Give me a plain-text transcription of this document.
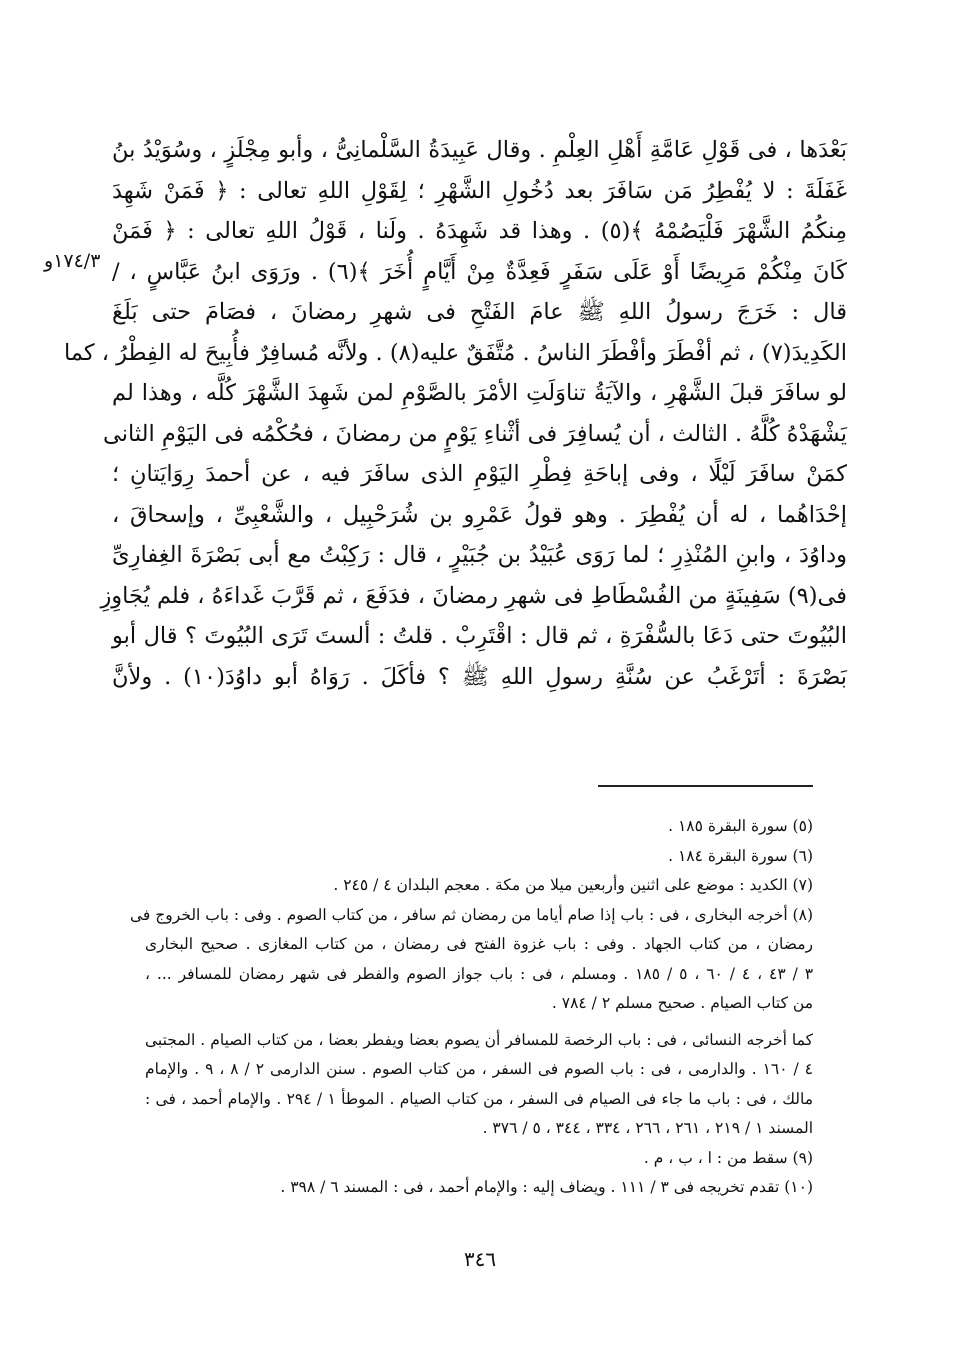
١٧٤/٣و
بَعْدَها ، فى قَوْلِ عَامَّةِ أَهْلِ العِلْمِ . وقال عَبِيدَةُ السَّلْمانِىُّ ، وأبو مِجْلَزٍ ، وسُوَيْدُ بنُ
غَفَلَةَ : لا يُفْطِرُ مَن سَافَرَ بعد دُخُولِ الشَّهْرِ ؛ لِقَوْلِ اللهِ تعالى : ﴿ فَمَنْ شَهِدَ
مِنكُمُ الشَّهْرَ فَلْيَصُمْهُ ﴾(٥) . وهذا قد شَهِدَهُ . ولَنا ، قَوْلُ اللهِ تعالى : ﴿ فَمَنْ
كَانَ مِنْكُمْ مَرِيضًا أَوْ عَلَى سَفَرٍ فَعِدَّةٌ مِنْ أَيَّامٍ أُخَرَ ﴾(٦) . ورَوَى ابنُ عَبَّاسٍ ، /
قال : خَرَجَ رسولُ اللهِ ﷺ عامَ الفَتْحِ فى شهرِ رمضانَ ، فصَامَ حتى بَلَغَ
الكَدِيدَ(٧) ، ثم أفْطَرَ وأفْطَرَ الناسُ . مُتَّفَقٌ عليه(٨) . ولأنَّه مُسافِرٌ فأُبِيحَ له الفِطْرُ ، كما
لو سافَرَ قبلَ الشَّهْرِ ، والآيَةُ تناوَلَتِ الأمْرَ بالصَّوْمِ لمن شَهِدَ الشَّهْرَ كُلَّه ، وهذا لم
يَشْهَدْهُ كُلَّهُ . الثالث ، أن يُسافِرَ فى أثْناءِ يَوْمٍ من رمضانَ ، فحُكْمُه فى اليَوْمِ الثانى
كمَنْ سافَرَ لَيْلًا ، وفى إباحَةِ فِطْرِ اليَوْمِ الذى سافَرَ فيه ، عن أحمدَ رِوَايَتانِ ؛
إحْدَاهُما ، له أن يُفْطِرَ . وهو قولُ عَمْرِو بن شُرَحْبِيل ، والشَّعْبِىِّ ، وإسحاقَ ،
وداوُدَ ، وابنِ المُنْذِرِ ؛ لما رَوَى عُبَيْدُ بن جُبَيْرٍ ، قال : رَكِبْتُ مع أبى بَصْرَةَ الغِفارِىِّ
فى(٩) سَفِينَةٍ من الفُسْطَاطِ فى شهرِ رمضانَ ، فدَفَعَ ، ثم قَرَّبَ غَداءَهُ ، فلم يُجَاوِزِ
البُيُوتَ حتى دَعَا بالسُّفْرَةِ ، ثم قال : اقْتَرِبْ . قلتُ : ألستَ تَرَى البُيُوتَ ؟ قال أبو
بَصْرَةَ : أتَرْغَبُ عن سُنَّةِ رسولِ اللهِ ﷺ ؟ فأكَلَ . رَوَاهُ أبو داوُدَ(١٠) . ولأنَّ
(٥) سورة البقرة ١٨٥ .
(٦) سورة البقرة ١٨٤ .
(٧) الكديد : موضع على اثنين وأربعين ميلا من مكة . معجم البلدان ٤ / ٢٤٥ .
(٨) أخرجه البخارى ، فى : باب إذا صام أياما من رمضان ثم سافر ، من كتاب الصوم . وفى : باب الخروج فى
رمضان ، من كتاب الجهاد . وفى : باب غزوة الفتح فى رمضان ، من كتاب المغازى . صحيح البخارى
٣ / ٤٣ ، ٤ / ٦٠ ، ٥ / ١٨٥ . ومسلم ، فى : باب جواز الصوم والفطر فى شهر رمضان للمسافر ... ،
من كتاب الصيام . صحيح مسلم ٢ / ٧٨٤ .
كما أخرجه النسائى ، فى : باب الرخصة للمسافر أن يصوم بعضا ويفطر بعضا ، من كتاب الصيام . المجتبى
٤ / ١٦٠ . والدارمى ، فى : باب الصوم فى السفر ، من كتاب الصوم . سنن الدارمى ٢ / ٨ ، ٩ . والإمام
مالك ، فى : باب ما جاء فى الصيام فى السفر ، من كتاب الصيام . الموطأ ١ / ٢٩٤ . والإمام أحمد ، فى :
المسند ١ / ٢١٩ ، ٢٦١ ، ٢٦٦ ، ٣٣٤ ، ٣٤٤ ، ٥ / ٣٧٦ .
(٩) سقط من : ا ، ب ، م .
(١٠) تقدم تخريجه فى ٣ / ١١١ . ويضاف إليه : والإمام أحمد ، فى : المسند ٦ / ٣٩٨ .
٣٤٦
